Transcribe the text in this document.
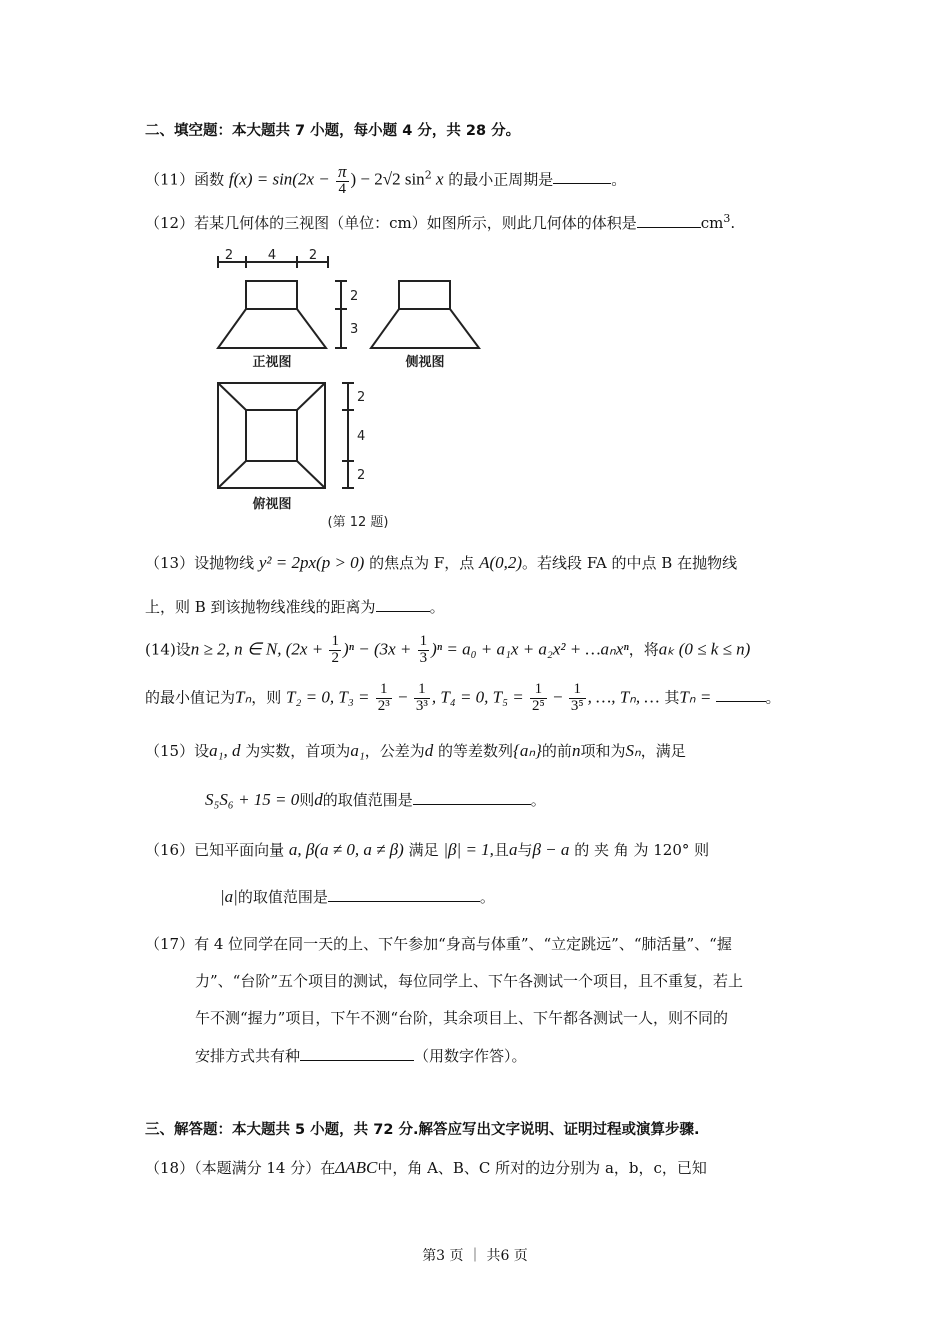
二、填空题：本大题共 7 小题，每小题 4 分，共 28 分。
（11）函数 $f(x) = \sin(2x - \frac{\pi}{4}$ ) − 2√2 $\sin^2 x$ 的最小正周期是	。
（12）若某几何体的三视图（单位：cm）如图所示，则此几何体的体积是	$cm^3$.
2	4	2
2
3
2
4
2
正视图	侧视图
俯视图
(第 12 题)
（13）设抛物线 y² = 2px(p > 0) 的焦点为 F，点 A(0,2)。若线段 FA 的中点 B 在抛物线
上，则 B 到该抛物线准线的距离为	。
(14)设n ≥ 2, n ∈ N, $(2x + \frac{1}{2} )^n - (3x + \frac{1}{3} )^n = a_0 + a_1x + a_2x^2$ + …aₙxⁿ，将aₖ (0 ≤ k ≤ n)
的最小值记为Tₙ，则 T₂ = 0, $T_3 = \frac{1}{\text{2³}} - \frac{1}{\text{3³}}$ , T₄ = 0, $T_5 = \frac{1}{\text{2⁵}} - \frac{1}{\text{3⁵}}$ , …, Tₙ, … 其Tₙ =	。
（15）设a₁, d 为实数，首项为a₁，公差为d 的等差数列{aₙ}的前n项和为Sₙ，满足
S₅S₆ + 15 = 0则d的取值范围是	。
（16）已知平面向量 a, β(a ≠ 0, a ≠ β) 满足 |β| = 1,且a与β − a 的 夹 角 为 120° 则
|a|的取值范围是	。
（17）有 4 位同学在同一天的上、下午参加“身高与体重”、“立定跳远”、“肺活量”、“握
力”、“台阶”五个项目的测试，每位同学上、下午各测试一个项目，且不重复，若上
午不测“握力”项目，下午不测“台阶，其余项目上、下午都各测试一人，则不同的
安排方式共有种	（用数字作答）。
三、解答题：本大题共 5 小题，共 72 分.解答应写出文字说明、证明过程或演算步骤.
（18）（本题满分 14 分）在ΔABC中，角 A、B、C 所对的边分别为 a，b，c，已知
第3 页 ｜ 共6 页
